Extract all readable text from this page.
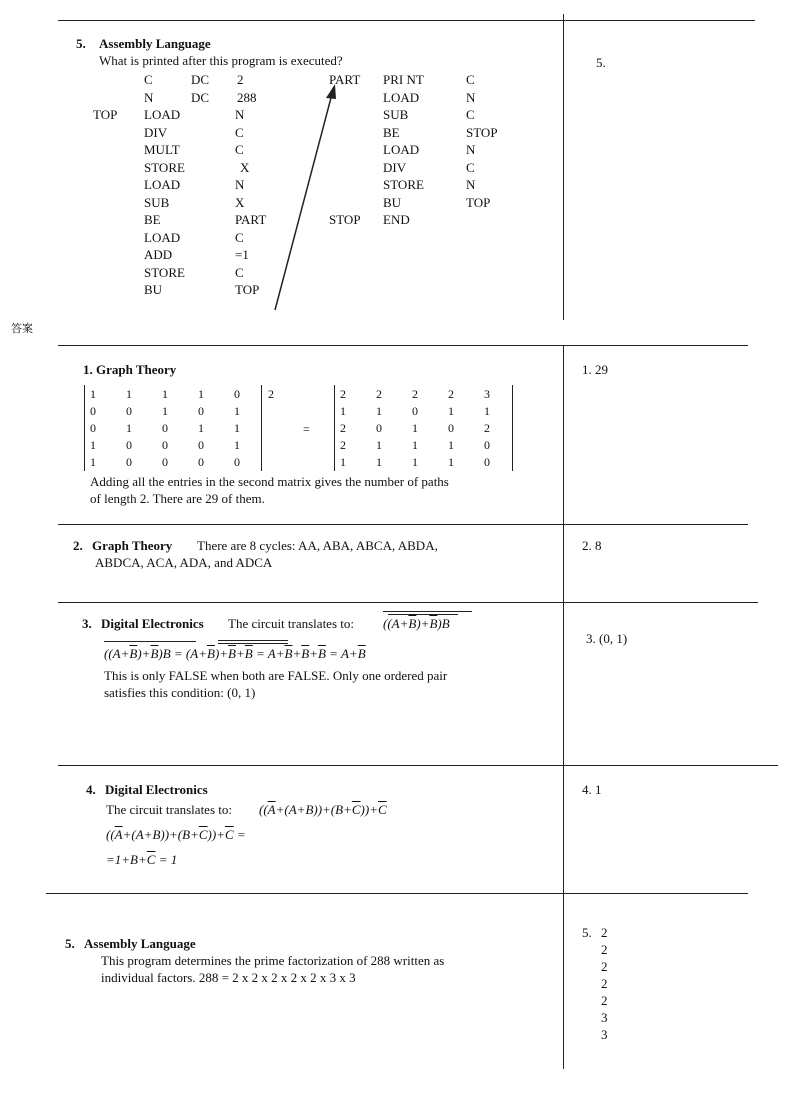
答案
5. Assembly Language
What is printed after this program is executed?
C	DC 2
N	DC 288
TOP LOAD	N
DIV	C
MULT	C
STORE	X
LOAD	N
SUB	X
BE	PART
LOAD	C
ADD	=1
STORE	C
BU	TOP
PART PRI NT	C
LOAD	N
SUB	C
BE	STOP
LOAD	N
DIV	C
STORE	N
BU	TOP
STOP END
5.
1. Graph Theory
1	1	1	1	0
0	0	1	0	1
0	1	0	1	1
1	0	0	0	1
1	0	0	0	0
2
=
2	2	2	2	3
1	1	0	1	1
2	0	1	0	2
2	1	1	1	0
1	1	1	1	0
Adding all the entries in the second matrix gives the number of paths
of length 2. There are 29 of them.
1. 29
2. Graph Theory There are 8 cycles: AA, ABA, ABCA, ABDA,
ABDCA, ACA, ADA, and ADCA
2. 8
3. Digital Electronics The circuit translates to: $((A+\overline{B})+\overline{B})B$
$((A+\overline{B})+\overline{B})B = (A+\overline{B})+\overline{B}+\overline{B} = A+\overline{B}+\overline{B}+\overline{B} = A+\overline{B}$
This is only FALSE when both are FALSE. Only one ordered pair
satisfies this condition: (0, 1)
3. (0, 1)
4. Digital Electronics
The circuit translates to: $((\overline{A}+(A+B))+(B+\overline{C}))+\overline{C}$
$((\overline{A}+(A+B))+(B+\overline{C}))+\overline{C}$ =
$=1+B+\overline{C} = 1$
4. 1
5. Assembly Language
This program determines the prime factorization of 288 written as
individual factors. 288 = 2 x 2 x 2 x 2 x 2 x 3 x 3
5. 2
2
2
2
2
3
3
